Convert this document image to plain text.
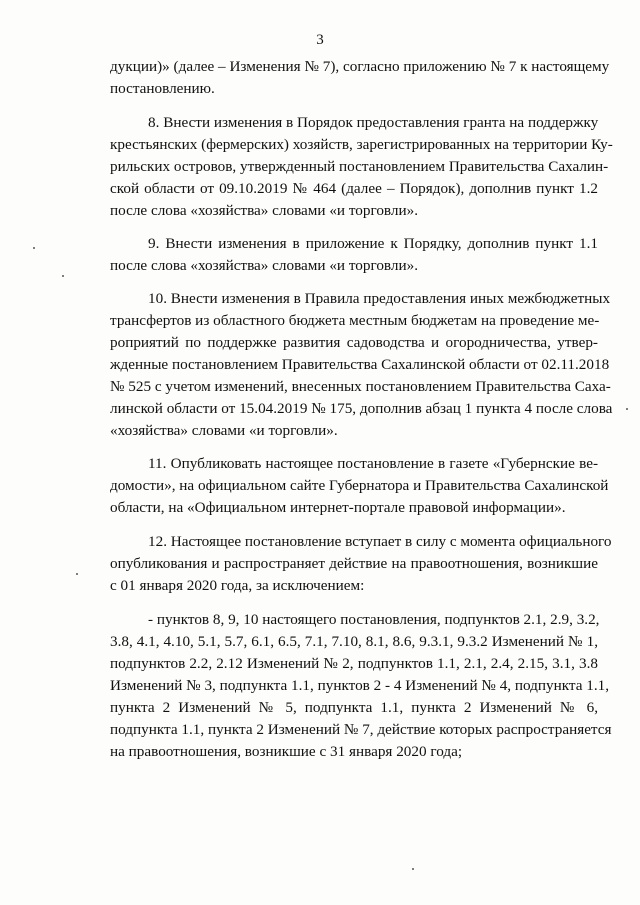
3
дукции)» (далее – Изменения № 7), согласно приложению № 7 к настоящему
постановлению.
8. Внести изменения в Порядок предоставления гранта на поддержку
крестьянских (фермерских) хозяйств, зарегистрированных на территории Ку-
рильских островов, утвержденный постановлением Правительства Сахалин-
ской области от 09.10.2019 № 464 (далее – Порядок), дополнив пункт 1.2
после слова «хозяйства» словами «и торговли».
9. Внести изменения в приложение к Порядку, дополнив пункт 1.1
после слова «хозяйства» словами «и торговли».
10. Внести изменения в Правила предоставления иных межбюджетных
трансфертов из областного бюджета местным бюджетам на проведение ме-
роприятий по поддержке развития садоводства и огородничества, утвер-
жденные постановлением Правительства Сахалинской области от 02.11.2018
№ 525 с учетом изменений, внесенных постановлением Правительства Саха-
линской области от 15.04.2019 № 175, дополнив абзац 1 пункта 4 после слова
«хозяйства» словами «и торговли».
11. Опубликовать настоящее постановление в газете «Губернские ве-
домости», на официальном сайте Губернатора и Правительства Сахалинской
области, на «Официальном интернет-портале правовой информации».
12. Настоящее постановление вступает в силу с момента официального
опубликования и распространяет действие на правоотношения, возникшие
с 01 января 2020 года, за исключением:
- пунктов 8, 9, 10 настоящего постановления, подпунктов 2.1, 2.9, 3.2,
3.8, 4.1, 4.10, 5.1, 5.7, 6.1, 6.5, 7.1, 7.10, 8.1, 8.6, 9.3.1, 9.3.2 Изменений № 1,
подпунктов 2.2, 2.12 Изменений № 2, подпунктов 1.1, 2.1, 2.4, 2.15, 3.1, 3.8
Изменений № 3, подпункта 1.1, пунктов 2 - 4 Изменений № 4, подпункта 1.1,
пункта 2 Изменений № 5, подпункта 1.1, пункта 2 Изменений № 6,
подпункта 1.1, пункта 2 Изменений № 7, действие которых распространяется
на правоотношения, возникшие с 31 января 2020 года;
